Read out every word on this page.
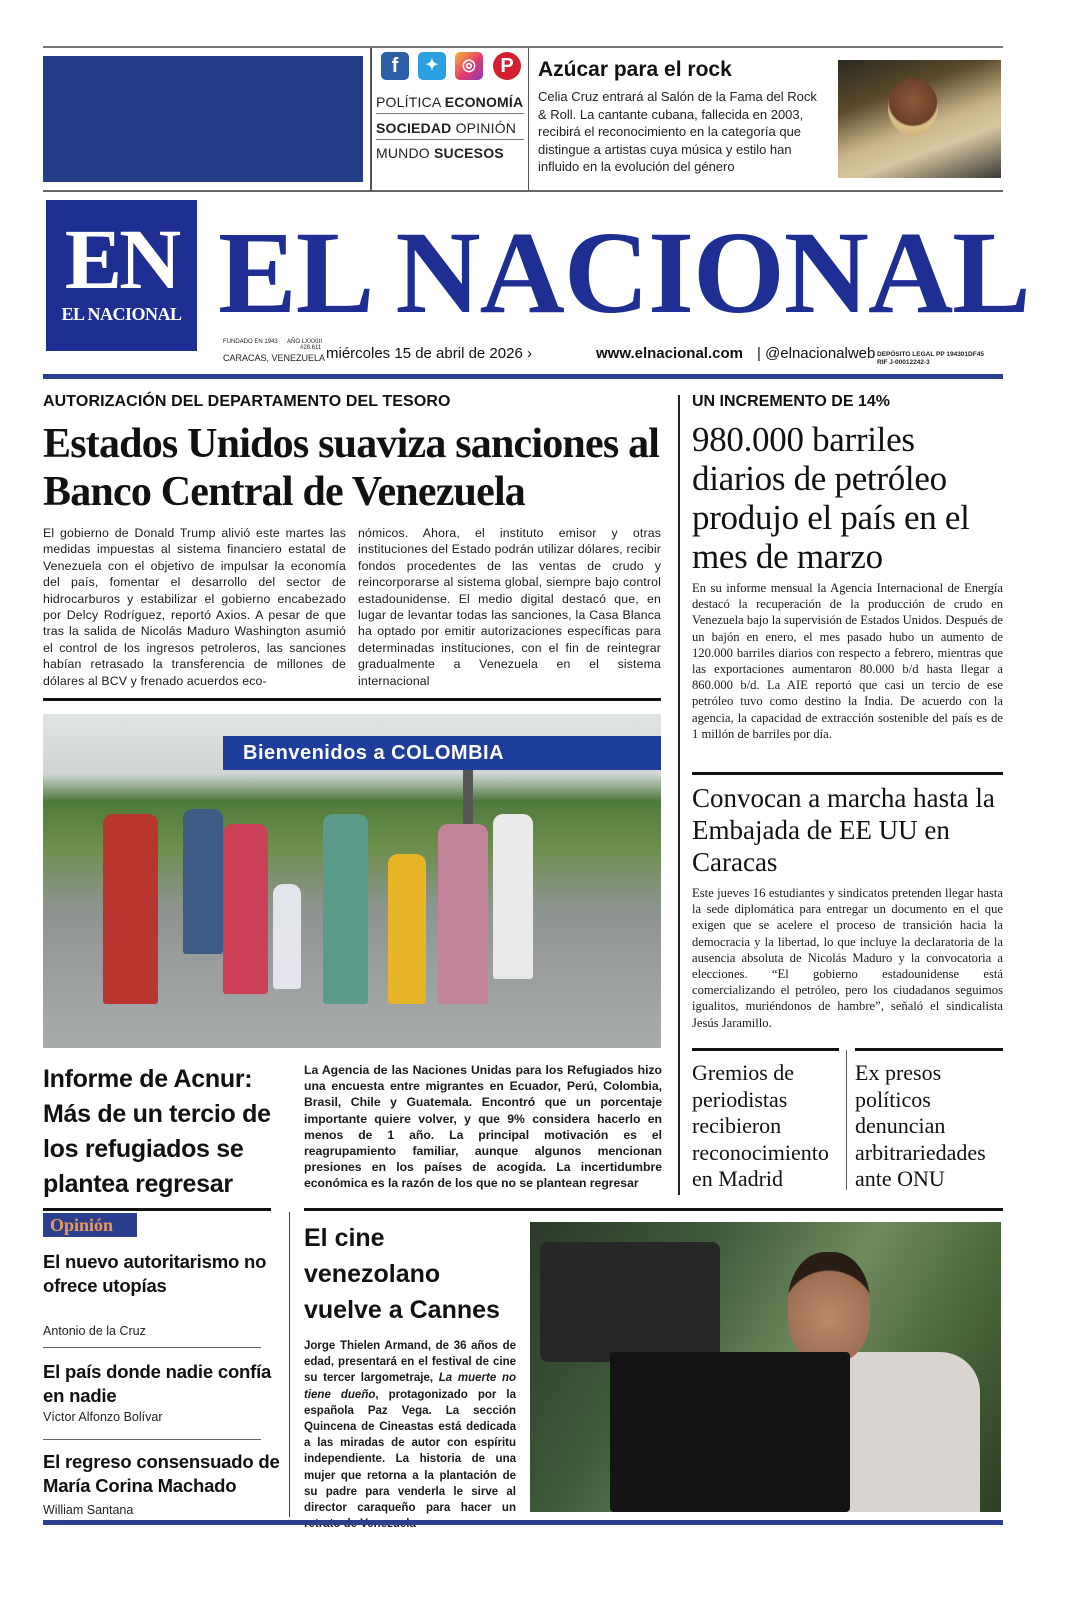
f	✦	◎	P
POLÍTICA ECONOMÍA
SOCIEDAD OPINIÓN
MUNDO SUCESOS
Azúcar para el rock
Celia Cruz entrará al Salón de la Fama del Rock & Roll. La cantante cubana, fallecida en 2003, recibirá el reconocimiento en la categoría que distingue a artistas cuya música y estilo han influido en la evolución del género
EN
EL NACIONAL EL NACIONAL
FUNDADO EN 1943 AÑO LXXXIII
#28.611
CARACAS, VENEZUELA miércoles 15 de abril de 2026 ›	www.elnacional.com | @elnacionalweb DEPÓSITO LEGAL PP 194301DF45
RIF J-00012242-3
AUTORIZACIÓN DEL DEPARTAMENTO DEL TESORO
Estados Unidos suaviza sanciones al Banco Central de Venezuela
El gobierno de Donald Trump alivió este martes las medidas impuestas al sistema financiero estatal de Venezuela con el objetivo de impulsar la economía del país, fomentar el desarrollo del sector de hidrocarburos y estabilizar el gobierno encabezado por Delcy Rodríguez, reportó Axios. A pesar de que tras la salida de Nicolás Maduro Washington asumió el control de los ingresos petroleros, las sanciones habían retrasado la transferencia de millones de dólares al BCV y frenado acuerdos eco-
nómicos. Ahora, el instituto emisor y otras instituciones del Estado podrán utilizar dólares, recibir fondos procedentes de las ventas de crudo y reincorporarse al sistema global, siempre bajo control estadounidense. El medio digital destacó que, en lugar de levantar todas las sanciones, la Casa Blanca ha optado por emitir autorizaciones específicas para determinadas instituciones, con el fin de reintegrar gradualmente a Venezuela en el sistema internacional
Bienvenidos a COLOMBIA
UN INCREMENTO DE 14%
980.000 barriles diarios de petróleo produjo el país en el mes de marzo
En su informe mensual la Agencia Internacional de Energía destacó la recuperación de la producción de crudo en Venezuela bajo la supervisión de Estados Unidos. Después de un bajón en enero, el mes pasado hubo un aumento de 120.000 barriles diarios con respecto a febrero, mientras que las exportaciones aumentaron 80.000 b/d hasta llegar a 860.000 b/d. La AIE reportó que casi un tercio de ese petróleo tuvo como destino la India. De acuerdo con la agencia, la capacidad de extracción sostenible del país es de 1 millón de barriles por día.
Convocan a marcha hasta la Embajada de EE UU en Caracas
Este jueves 16 estudiantes y sindicatos pretenden llegar hasta la sede diplomática para entregar un documento en el que exigen que se acelere el proceso de transición hacia la democracia y la libertad, lo que incluye la declaratoria de la ausencia absoluta de Nicolás Maduro y la convocatoria a elecciones. “El gobierno estadounidense está comercializando el petróleo, pero los ciudadanos seguimos igualitos, muriéndonos de hambre”, señaló el sindicalista Jesús Jaramillo.
Gremios de periodistas recibieron reconocimiento en Madrid
Ex presos políticos denuncian arbitrariedades ante ONU
Informe de Acnur: Más de un tercio de los refugiados se plantea regresar
La Agencia de las Naciones Unidas para los Refugiados hizo una encuesta entre migrantes en Ecuador, Perú, Colombia, Brasil, Chile y Guatemala. Encontró que un porcentaje importante quiere volver, y que 9% considera hacerlo en menos de 1 año. La principal motivación es el reagrupamiento familiar, aunque algunos mencionan presiones en los países de acogida. La incertidumbre económica es la razón de los que no se plantean regresar
Opinión
El nuevo autoritarismo no ofrece utopías
Antonio de la Cruz
El país donde nadie confía en nadie
Víctor Alfonzo Bolívar
El regreso consensuado de María Corina Machado
William Santana
El cine venezolano vuelve a Cannes
Jorge Thielen Armand, de 36 años de edad, presentará en el festival de cine su tercer largometraje, La muerte no tiene dueño, protagonizado por la española Paz Vega. La sección Quincena de Cineastas está dedicada a las miradas de autor con espíritu independiente. La historia de una mujer que retorna a la plantación de su padre para venderla le sirve al director caraqueño para hacer un
